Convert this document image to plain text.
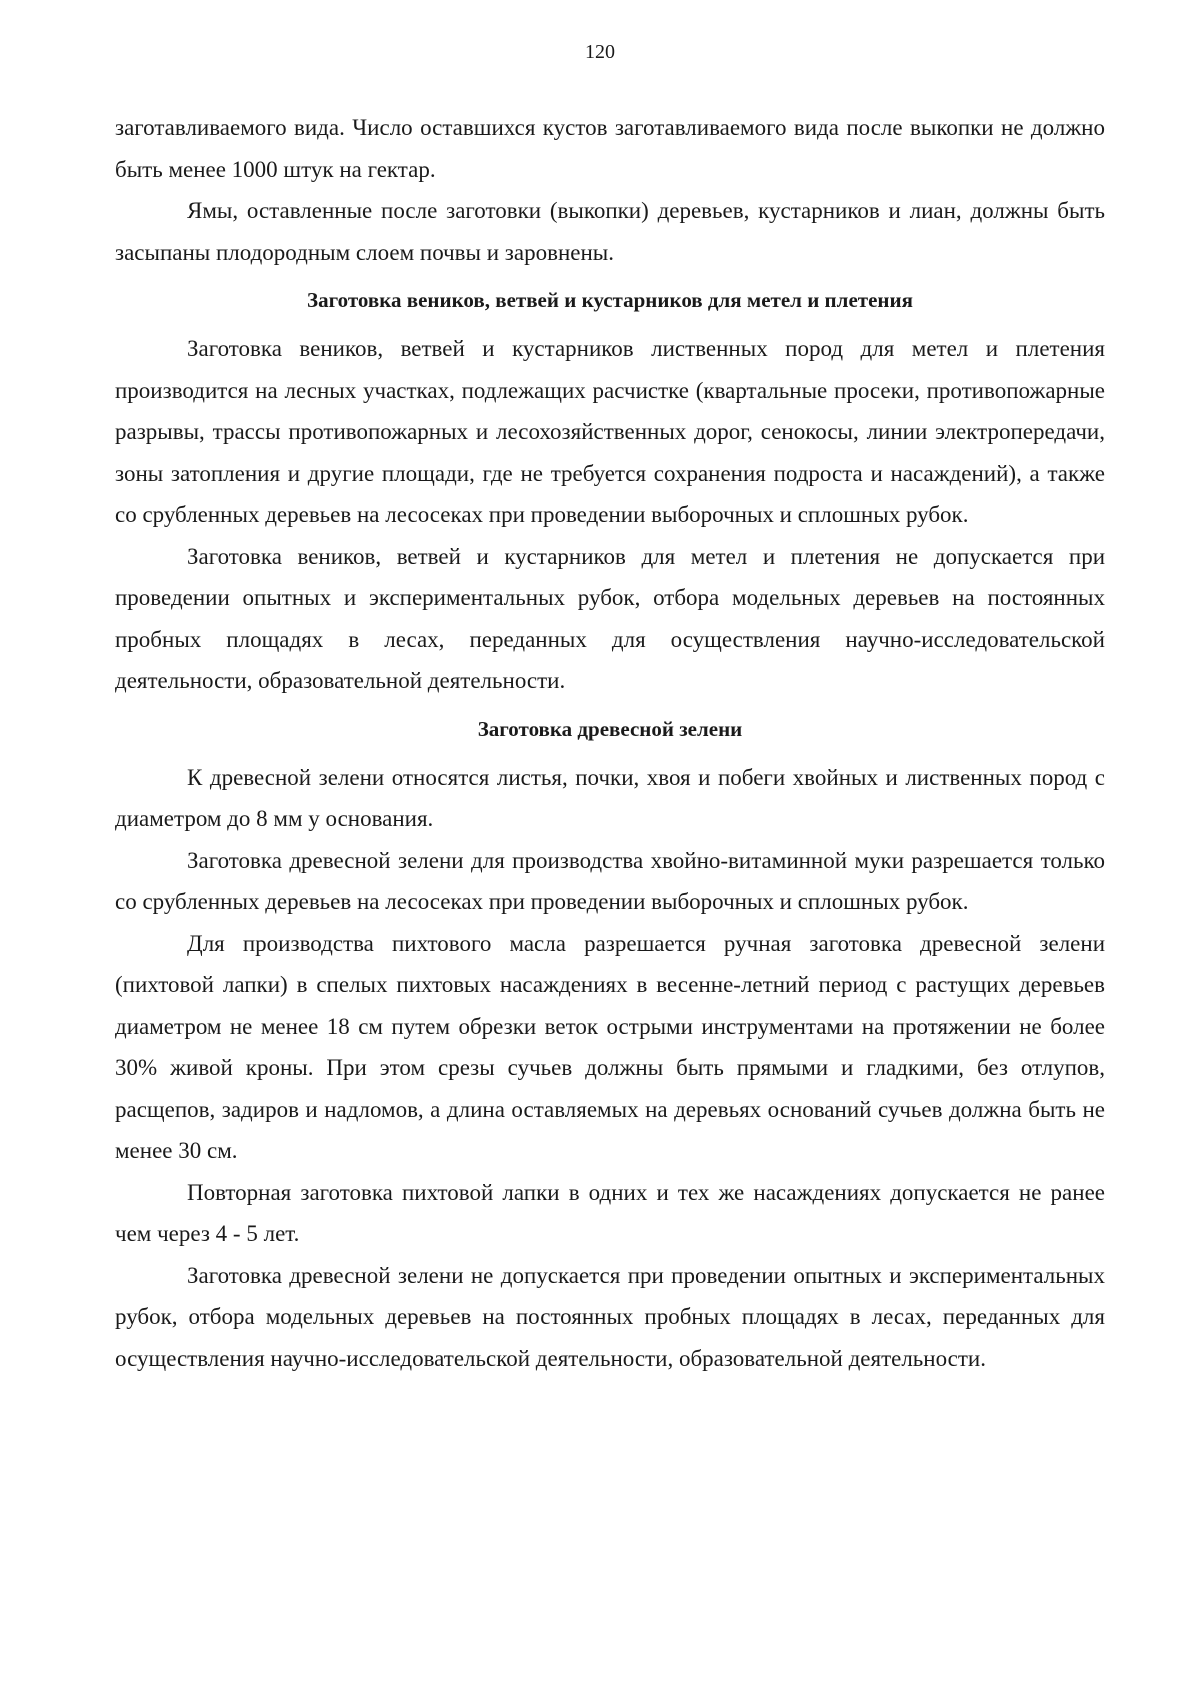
120

заготавливаемого вида. Число оставшихся кустов заготавливаемого вида после выкопки не должно быть менее 1000 штук на гектар.

Ямы, оставленные после заготовки (выкопки) деревьев, кустарников и лиан, должны быть засыпаны плодородным слоем почвы и заровнены.

Заготовка веников, ветвей и кустарников для метел и плетения

Заготовка веников, ветвей и кустарников лиственных пород для метел и плетения производится на лесных участках, подлежащих расчистке (квартальные просеки, противопожарные разрывы, трассы противопожарных и лесохозяйственных дорог, сенокосы, линии электропередачи, зоны затопления и другие площади, где не требуется сохранения подроста и насаждений), а также со срубленных деревьев на лесосеках при проведении выборочных и сплошных рубок.

Заготовка веников, ветвей и кустарников для метел и плетения не допускается при проведении опытных и экспериментальных рубок, отбора модельных деревьев на постоянных пробных площадях в лесах, переданных для осуществления научно-исследовательской деятельности, образовательной деятельности.

Заготовка древесной зелени

К древесной зелени относятся листья, почки, хвоя и побеги хвойных и лиственных пород с диаметром до 8 мм у основания.

Заготовка древесной зелени для производства хвойно-витаминной муки разрешается только со срубленных деревьев на лесосеках при проведении выборочных и сплошных рубок.

Для производства пихтового масла разрешается ручная заготовка древесной зелени (пихтовой лапки) в спелых пихтовых насаждениях в весенне-летний период с растущих деревьев диаметром не менее 18 см путем обрезки веток острыми инструментами на протяжении не более 30% живой кроны. При этом срезы сучьев должны быть прямыми и гладкими, без отлупов, расщепов, задиров и надломов, а длина оставляемых на деревьях оснований сучьев должна быть не менее 30 см.

Повторная заготовка пихтовой лапки в одних и тех же насаждениях допускается не ранее чем через 4 - 5 лет.

Заготовка древесной зелени не допускается при проведении опытных и экспериментальных рубок, отбора модельных деревьев на постоянных пробных площадях в лесах, переданных для осуществления научно-исследовательской деятельности, образовательной деятельности.
